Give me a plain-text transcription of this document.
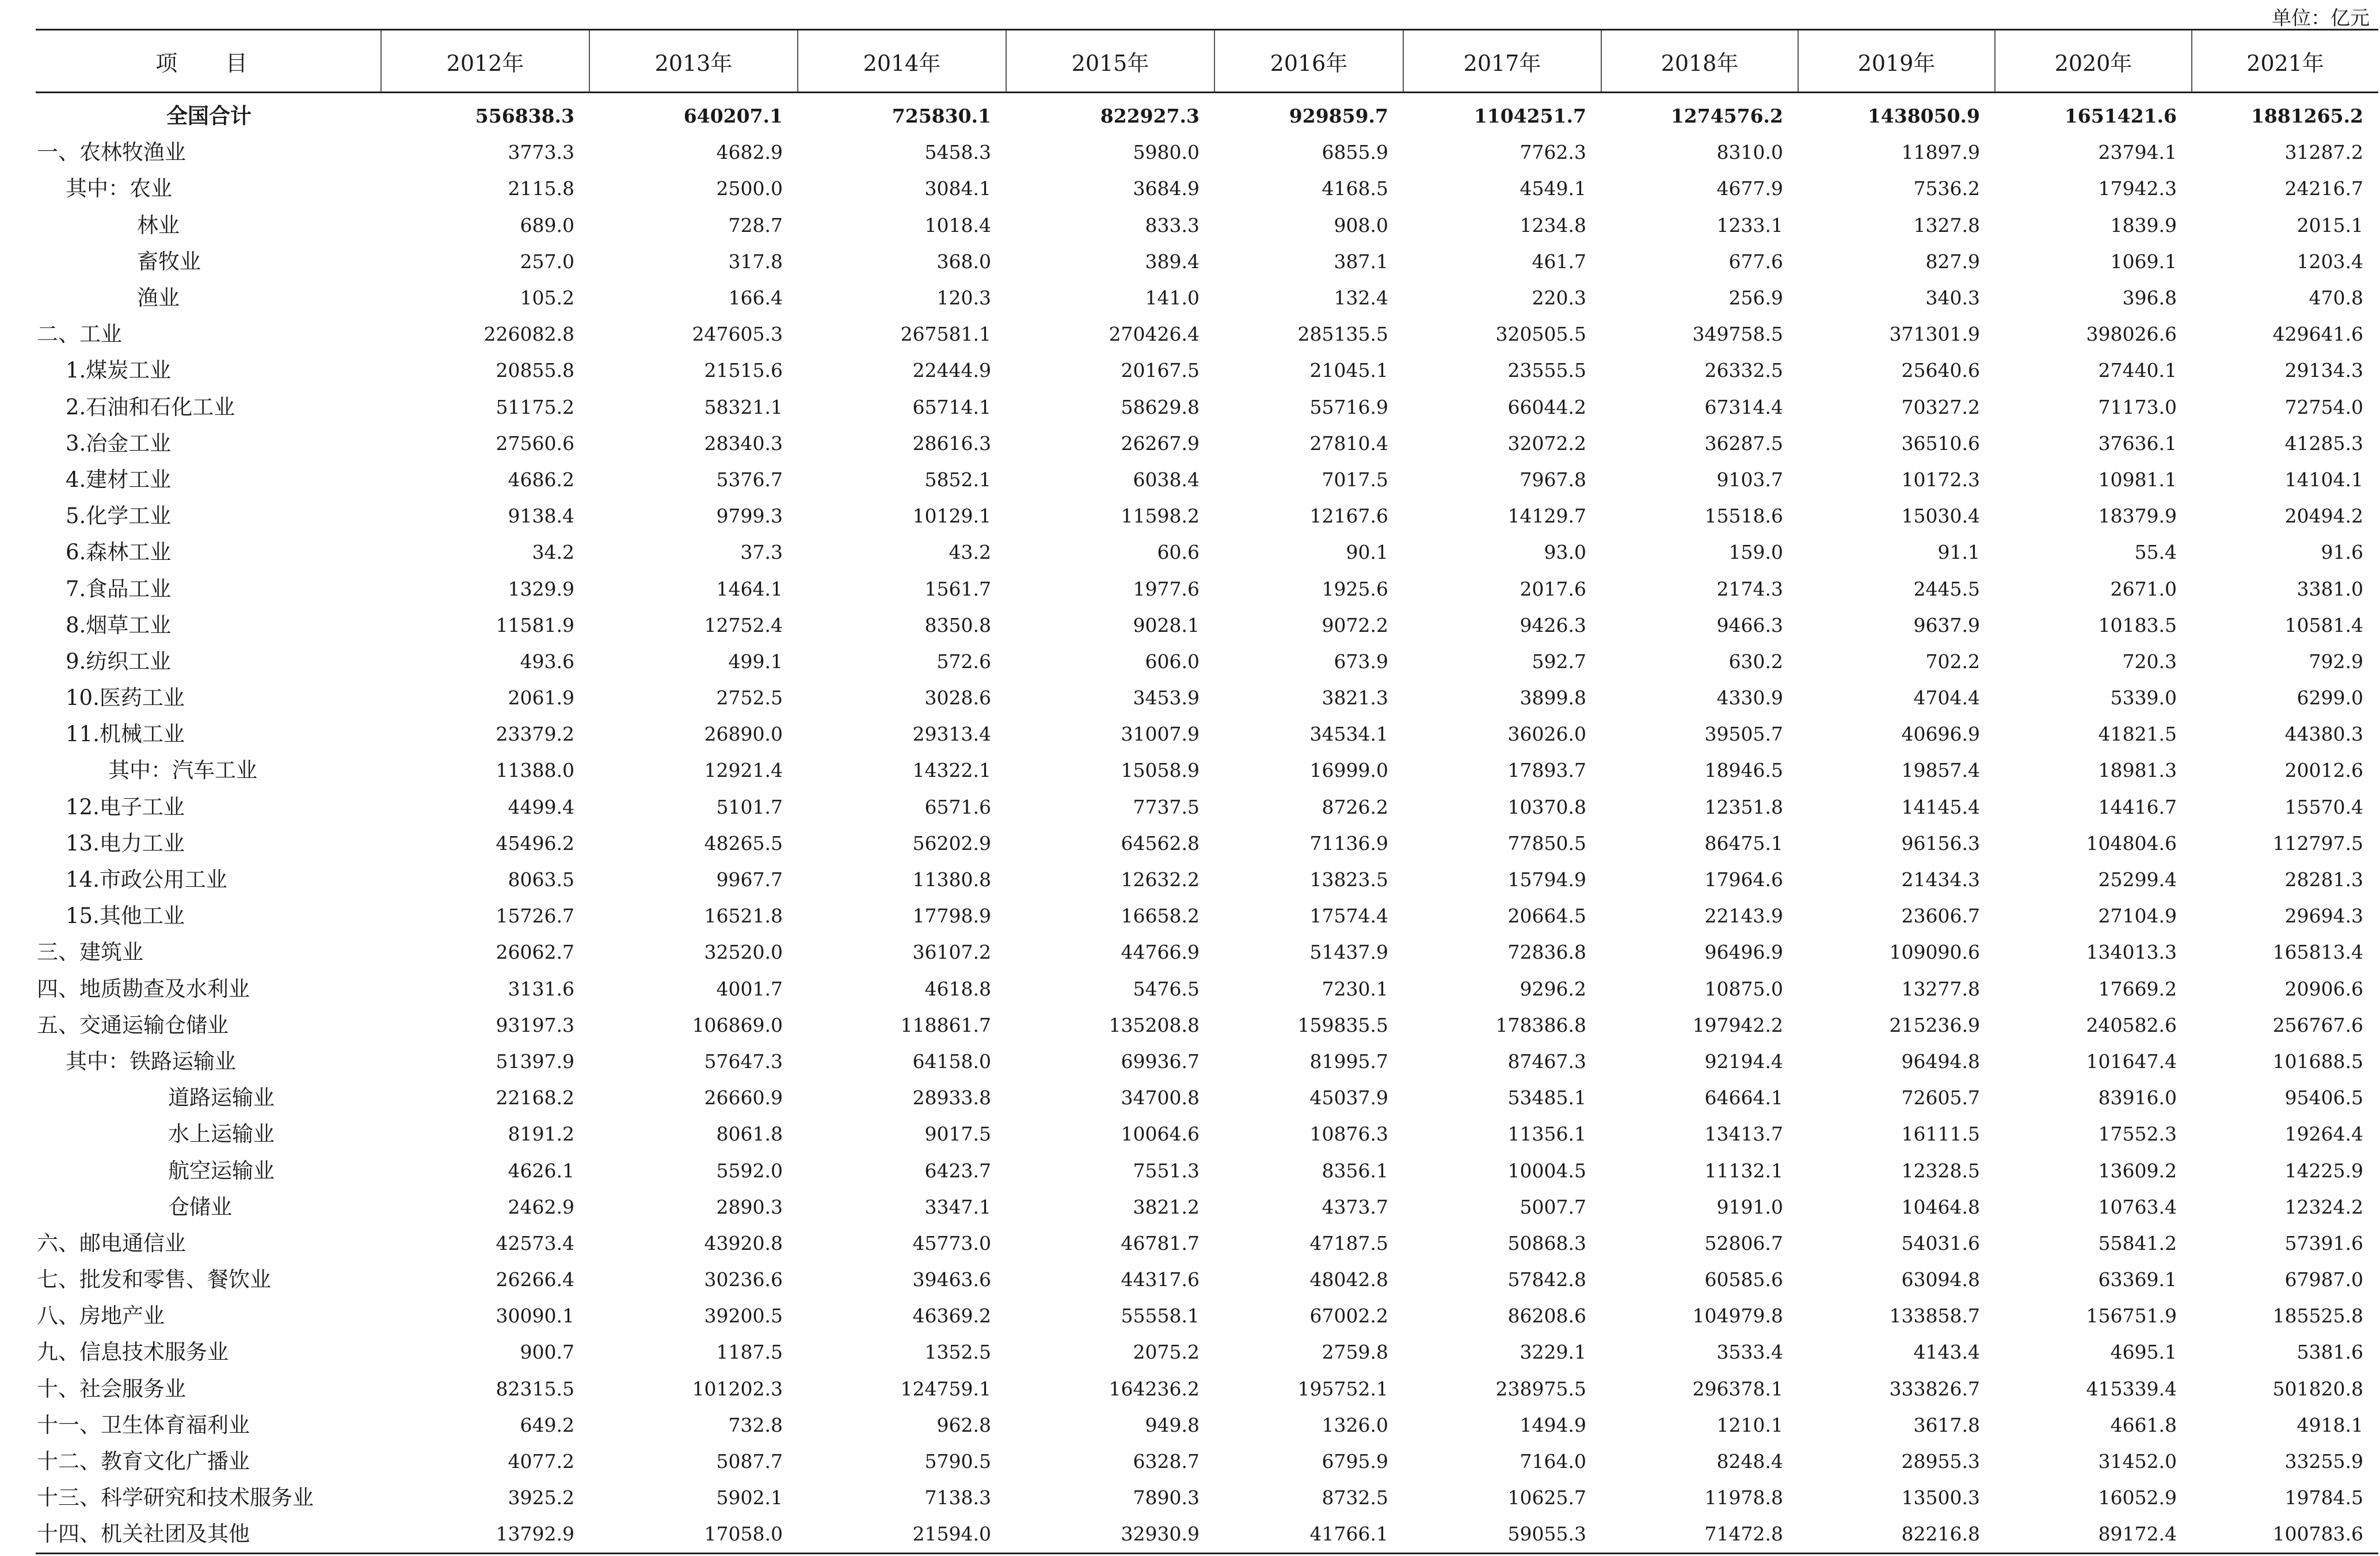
单位：亿元
项　目	2012年	2013年	2014年	2015年	2016年	2017年	2018年	2019年	2020年	2021年
全国合计	556838.3	640207.1	725830.1	822927.3	929859.7	1104251.7	1274576.2	1438050.9	1651421.6	1881265.2
一、农林牧渔业	3773.3	4682.9	5458.3	5980.0	6855.9	7762.3	8310.0	11897.9	23794.1	31287.2
其中：农业	2115.8	2500.0	3084.1	3684.9	4168.5	4549.1	4677.9	7536.2	17942.3	24216.7
林业	689.0	728.7	1018.4	833.3	908.0	1234.8	1233.1	1327.8	1839.9	2015.1
畜牧业	257.0	317.8	368.0	389.4	387.1	461.7	677.6	827.9	1069.1	1203.4
渔业	105.2	166.4	120.3	141.0	132.4	220.3	256.9	340.3	396.8	470.8
二、工业	226082.8	247605.3	267581.1	270426.4	285135.5	320505.5	349758.5	371301.9	398026.6	429641.6
1.煤炭工业	20855.8	21515.6	22444.9	20167.5	21045.1	23555.5	26332.5	25640.6	27440.1	29134.3
2.石油和石化工业	51175.2	58321.1	65714.1	58629.8	55716.9	66044.2	67314.4	70327.2	71173.0	72754.0
3.冶金工业	27560.6	28340.3	28616.3	26267.9	27810.4	32072.2	36287.5	36510.6	37636.1	41285.3
4.建材工业	4686.2	5376.7	5852.1	6038.4	7017.5	7967.8	9103.7	10172.3	10981.1	14104.1
5.化学工业	9138.4	9799.3	10129.1	11598.2	12167.6	14129.7	15518.6	15030.4	18379.9	20494.2
6.森林工业	34.2	37.3	43.2	60.6	90.1	93.0	159.0	91.1	55.4	91.6
7.食品工业	1329.9	1464.1	1561.7	1977.6	1925.6	2017.6	2174.3	2445.5	2671.0	3381.0
8.烟草工业	11581.9	12752.4	8350.8	9028.1	9072.2	9426.3	9466.3	9637.9	10183.5	10581.4
9.纺织工业	493.6	499.1	572.6	606.0	673.9	592.7	630.2	702.2	720.3	792.9
10.医药工业	2061.9	2752.5	3028.6	3453.9	3821.3	3899.8	4330.9	4704.4	5339.0	6299.0
11.机械工业	23379.2	26890.0	29313.4	31007.9	34534.1	36026.0	39505.7	40696.9	41821.5	44380.3
其中：汽车工业	11388.0	12921.4	14322.1	15058.9	16999.0	17893.7	18946.5	19857.4	18981.3	20012.6
12.电子工业	4499.4	5101.7	6571.6	7737.5	8726.2	10370.8	12351.8	14145.4	14416.7	15570.4
13.电力工业	45496.2	48265.5	56202.9	64562.8	71136.9	77850.5	86475.1	96156.3	104804.6	112797.5
14.市政公用工业	8063.5	9967.7	11380.8	12632.2	13823.5	15794.9	17964.6	21434.3	25299.4	28281.3
15.其他工业	15726.7	16521.8	17798.9	16658.2	17574.4	20664.5	22143.9	23606.7	27104.9	29694.3
三、建筑业	26062.7	32520.0	36107.2	44766.9	51437.9	72836.8	96496.9	109090.6	134013.3	165813.4
四、地质勘查及水利业	3131.6	4001.7	4618.8	5476.5	7230.1	9296.2	10875.0	13277.8	17669.2	20906.6
五、交通运输仓储业	93197.3	106869.0	118861.7	135208.8	159835.5	178386.8	197942.2	215236.9	240582.6	256767.6
其中：铁路运输业	51397.9	57647.3	64158.0	69936.7	81995.7	87467.3	92194.4	96494.8	101647.4	101688.5
道路运输业	22168.2	26660.9	28933.8	34700.8	45037.9	53485.1	64664.1	72605.7	83916.0	95406.5
水上运输业	8191.2	8061.8	9017.5	10064.6	10876.3	11356.1	13413.7	16111.5	17552.3	19264.4
航空运输业	4626.1	5592.0	6423.7	7551.3	8356.1	10004.5	11132.1	12328.5	13609.2	14225.9
仓储业	2462.9	2890.3	3347.1	3821.2	4373.7	5007.7	9191.0	10464.8	10763.4	12324.2
六、邮电通信业	42573.4	43920.8	45773.0	46781.7	47187.5	50868.3	52806.7	54031.6	55841.2	57391.6
七、批发和零售、餐饮业	26266.4	30236.6	39463.6	44317.6	48042.8	57842.8	60585.6	63094.8	63369.1	67987.0
八、房地产业	30090.1	39200.5	46369.2	55558.1	67002.2	86208.6	104979.8	133858.7	156751.9	185525.8
九、信息技术服务业	900.7	1187.5	1352.5	2075.2	2759.8	3229.1	3533.4	4143.4	4695.1	5381.6
十、社会服务业	82315.5	101202.3	124759.1	164236.2	195752.1	238975.5	296378.1	333826.7	415339.4	501820.8
十一、卫生体育福利业	649.2	732.8	962.8	949.8	1326.0	1494.9	1210.1	3617.8	4661.8	4918.1
十二、教育文化广播业	4077.2	5087.7	5790.5	6328.7	6795.9	7164.0	8248.4	28955.3	31452.0	33255.9
十三、科学研究和技术服务业	3925.2	5902.1	7138.3	7890.3	8732.5	10625.7	11978.8	13500.3	16052.9	19784.5
十四、机关社团及其他	13792.9	17058.0	21594.0	32930.9	41766.1	59055.3	71472.8	82216.8	89172.4	100783.6
